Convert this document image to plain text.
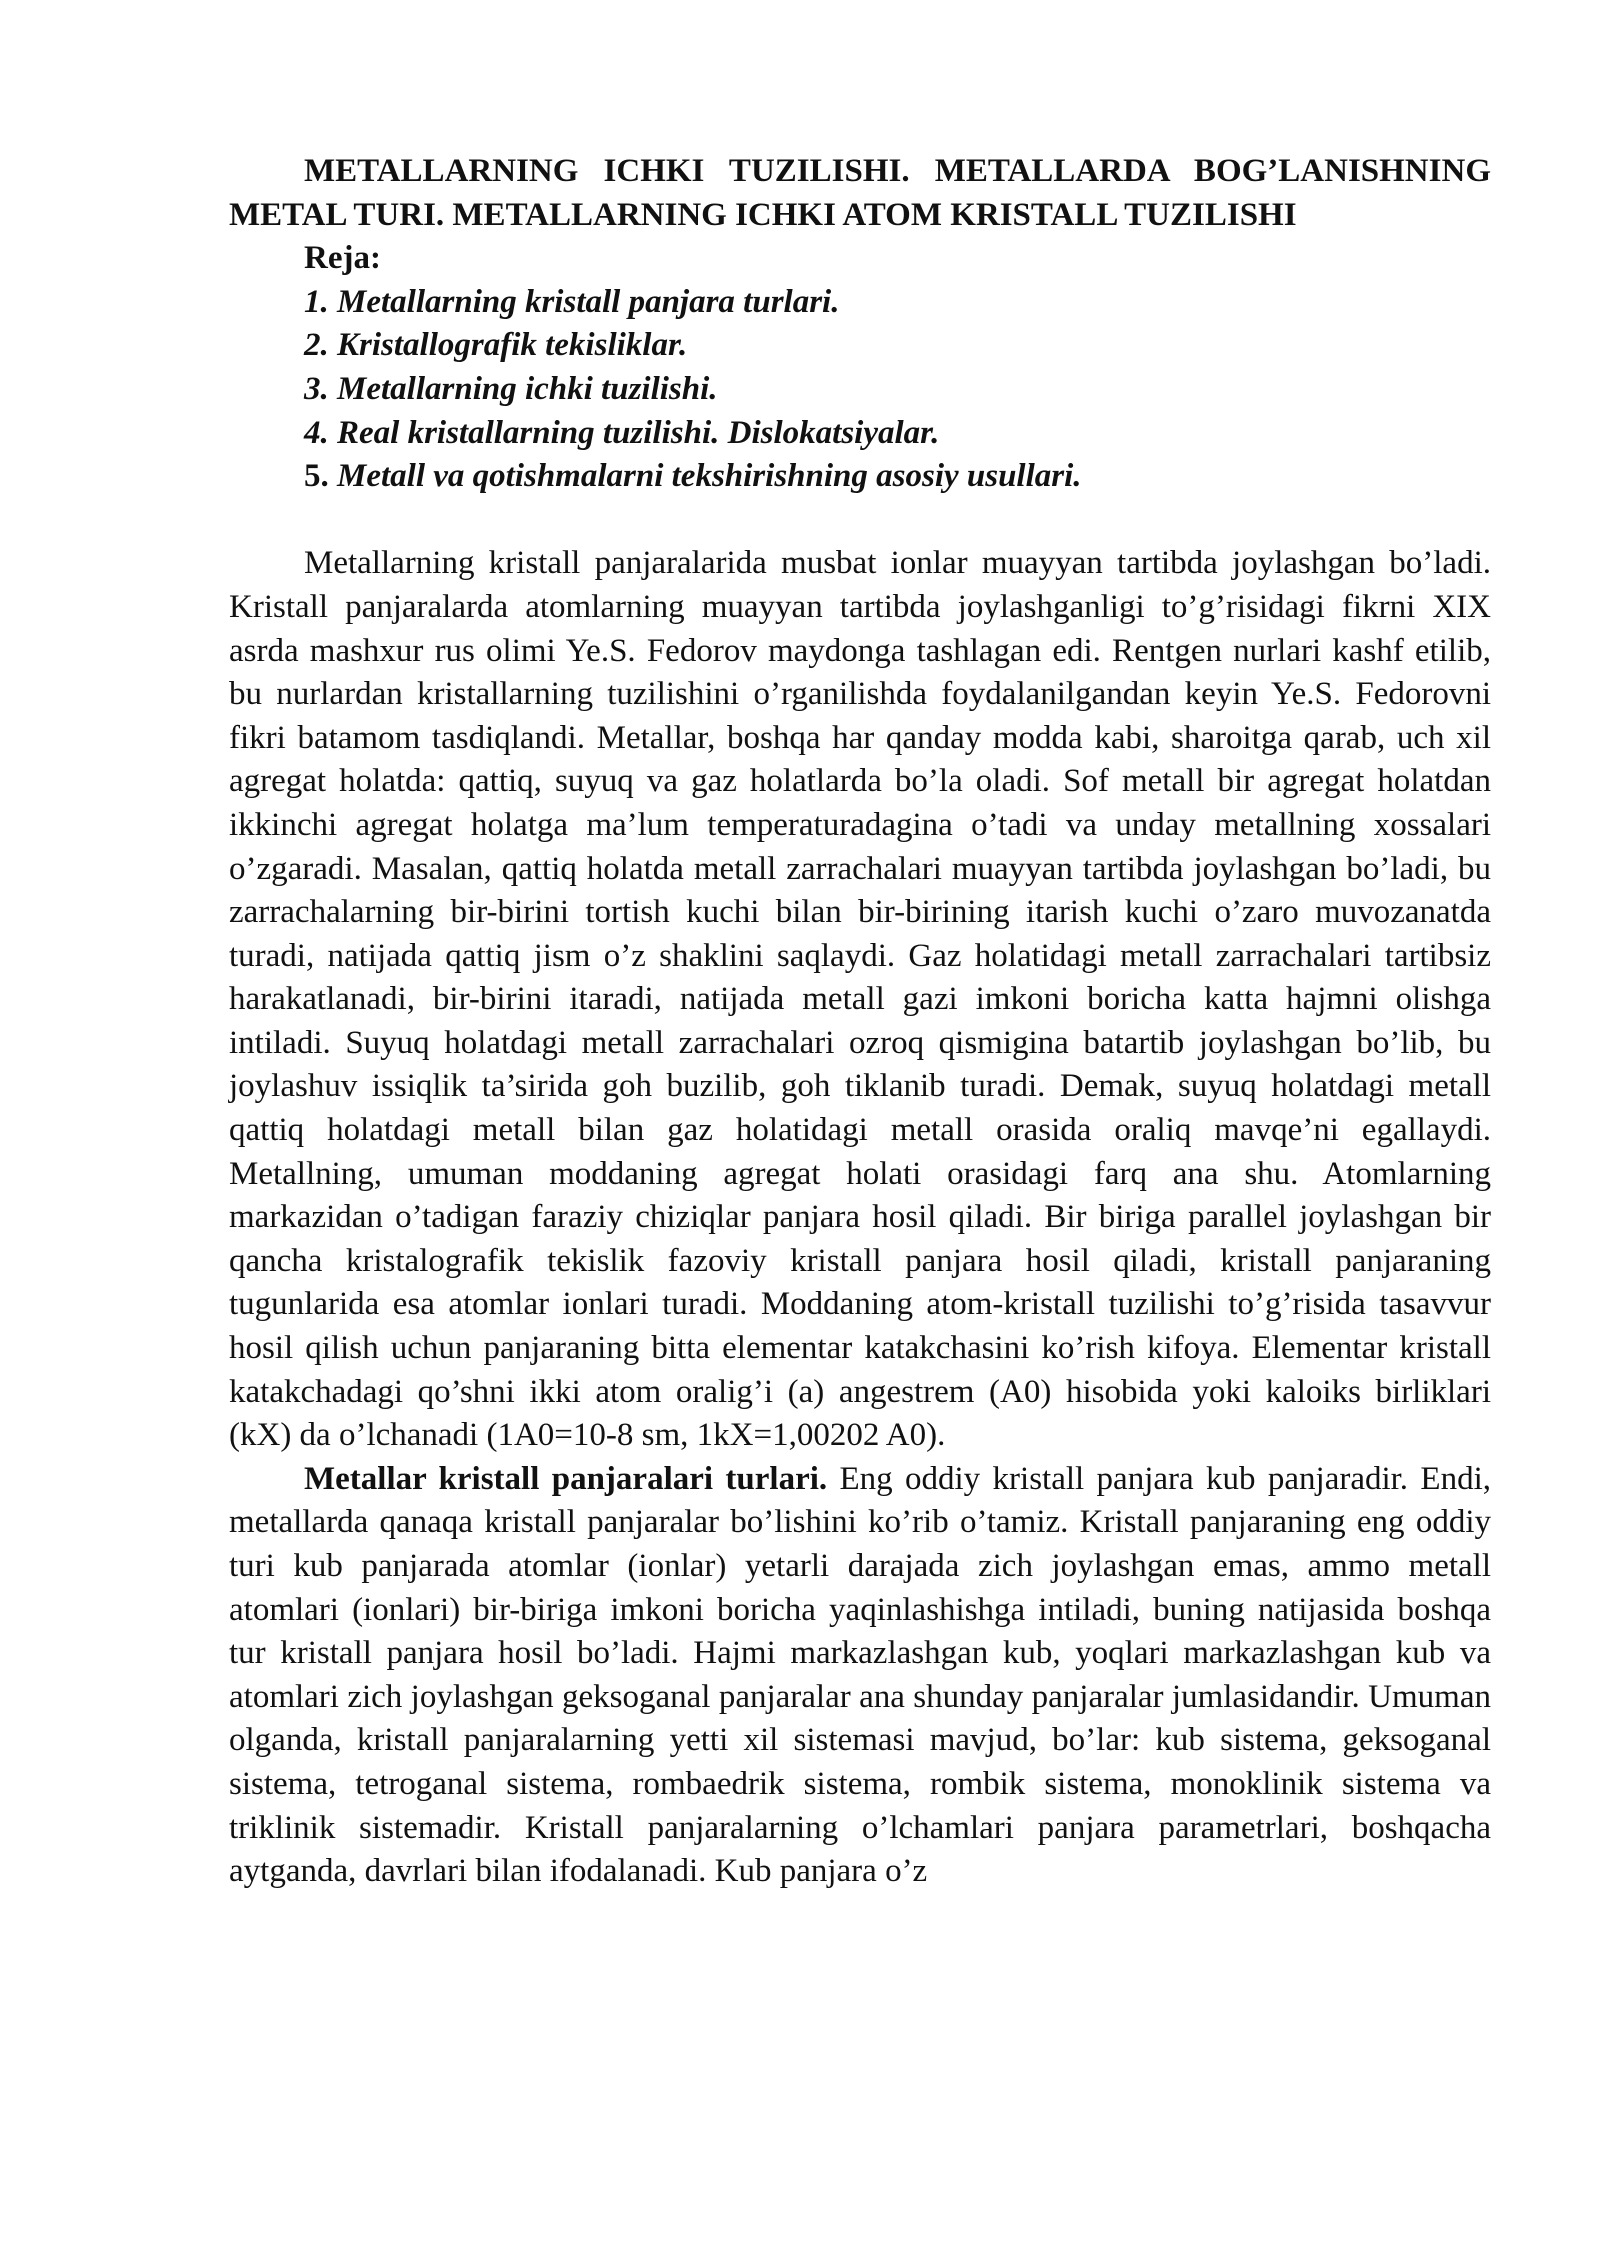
METALLARNING ICHKI TUZILISHI. METALLARDA BOG’LANISHNING METAL TURI. METALLARNING ICHKI ATOM KRISTALL TUZILISHI

Reja:

1. Metallarning kristall panjara turlari.
2. Kristallografik tekisliklar.
3. Metallarning ichki tuzilishi.
4. Real kristallarning tuzilishi. Dislokatsiyalar.
5. Metall va qotishmalarni tekshirishning asosiy usullari.

Metallarning kristall panjaralarida musbat ionlar muayyan tartibda joylashgan bo’ladi. Kristall panjaralarda atomlarning muayyan tartibda joylashganligi to’g’risidagi fikrni XIX asrda mashxur rus olimi Ye.S. Fedorov maydonga tashlagan edi. Rentgen nurlari kashf etilib, bu nurlardan kristallarning tuzilishini o’rganilishda foydalanilgandan keyin Ye.S. Fedorovni fikri batamom tasdiqlandi. Metallar, boshqa har qanday modda kabi, sharoitga qarab, uch xil agregat holatda: qattiq, suyuq va gaz holatlarda bo’la oladi. Sof metall bir agregat holatdan ikkinchi agregat holatga ma’lum temperaturadagina o’tadi va unday metallning xossalari o’zgaradi. Masalan, qattiq holatda metall zarrachalari muayyan tartibda joylashgan bo’ladi, bu zarrachalarning bir-birini tortish kuchi bilan bir-birining itarish kuchi o’zaro muvozanatda turadi, natijada qattiq jism o’z shaklini saqlaydi. Gaz holatidagi metall zarrachalari tartibsiz harakatlanadi, bir-birini itaradi, natijada metall gazi imkoni boricha katta hajmni olishga intiladi. Suyuq holatdagi metall zarrachalari ozroq qismigina batartib joylashgan bo’lib, bu joylashuv issiqlik ta’sirida goh buzilib, goh tiklanib turadi. Demak, suyuq holatdagi metall qattiq holatdagi metall bilan gaz holatidagi metall orasida oraliq mavqe’ni egallaydi. Metallning, umuman moddaning agregat holati orasidagi farq ana shu. Atomlarning markazidan o’tadigan faraziy chiziqlar panjara hosil qiladi. Bir biriga parallel joylashgan bir qancha kristalografik tekislik fazoviy kristall panjara hosil qiladi, kristall panjaraning tugunlarida esa atomlar ionlari turadi. Moddaning atom-kristall tuzilishi to’g’risida tasavvur hosil qilish uchun panjaraning bitta elementar katakchasini ko’rish kifoya. Elementar kristall katakchadagi qo’shni ikki atom oralig’i (a) angestrem (A0) hisobida yoki kaloiks birliklari (kX) da o’lchanadi (1A0=10-8 sm, 1kX=1,00202 A0).

Metallar kristall panjaralari turlari. Eng oddiy kristall panjara kub panjaradir. Endi, metallarda qanaqa kristall panjaralar bo’lishini ko’rib o’tamiz. Kristall panjaraning eng oddiy turi kub panjarada atomlar (ionlar) yetarli darajada zich joylashgan emas, ammo metall atomlari (ionlari) bir-biriga imkoni boricha yaqinlashishga intiladi, buning natijasida boshqa tur kristall panjara hosil bo’ladi. Hajmi markazlashgan kub, yoqlari markazlashgan kub va atomlari zich joylashgan geksoganal panjaralar ana shunday panjaralar jumlasidandir. Umuman olganda, kristall panjaralarning yetti xil sistemasi mavjud, bo’lar: kub sistema, geksoganal sistema, tetroganal sistema, rombaedrik sistema, rombik sistema, monoklinik sistema va triklinik sistemadir. Kristall panjaralarning o’lchamlari panjara parametrlari, boshqacha aytganda, davrlari bilan ifodalanadi. Kub panjara o’z
